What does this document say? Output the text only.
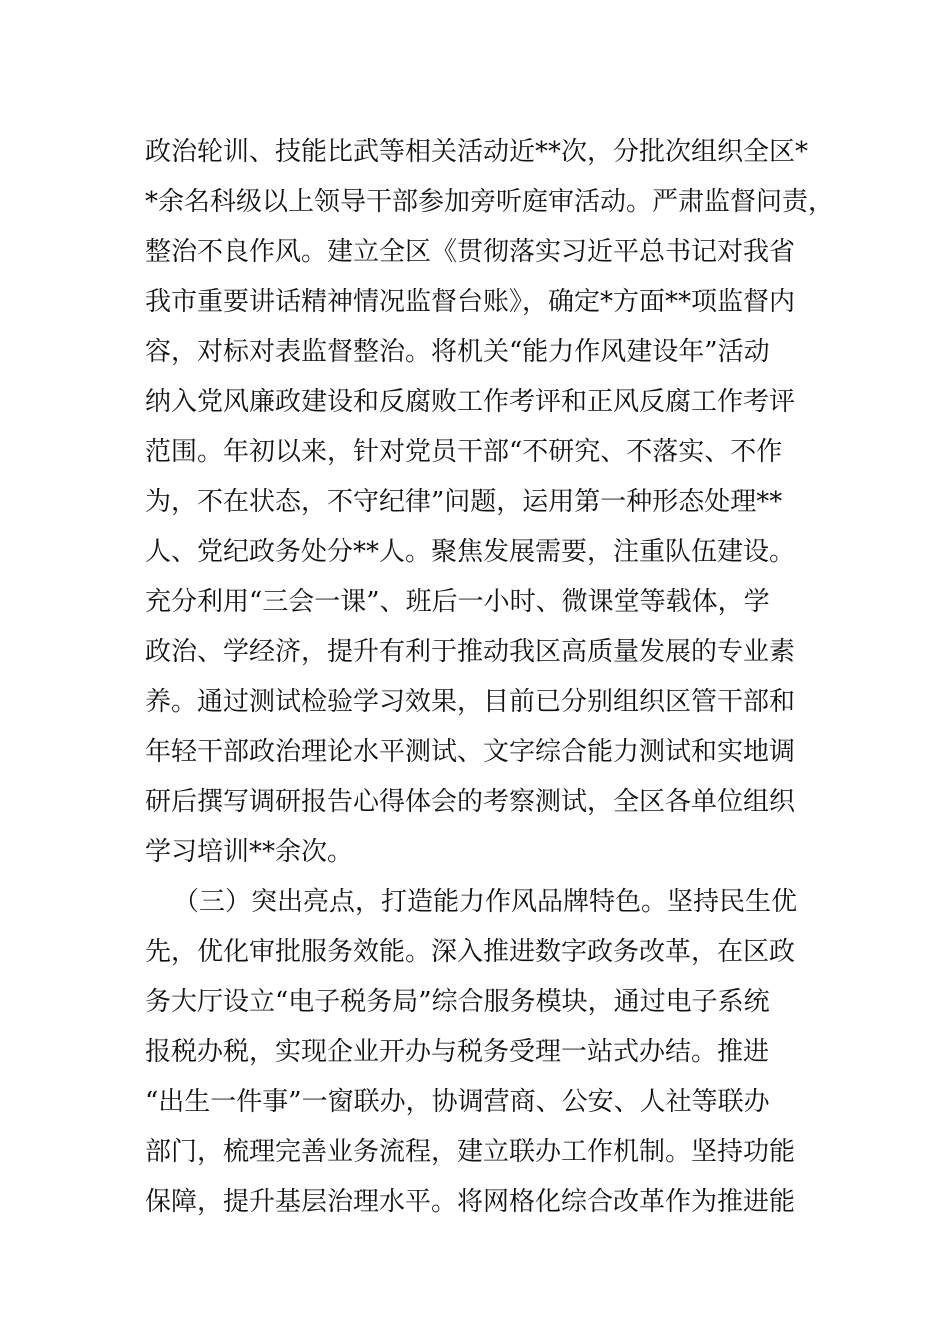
政治轮训、技能比武等相关活动近**次，分批次组织全区*
*余名科级以上领导干部参加旁听庭审活动。严肃监督问责，
整治不良作风。建立全区《贯彻落实习近平总书记对我省
我市重要讲话精神情况监督台账》，确定*方面**项监督内
容，对标对表监督整治。将机关“能力作风建设年”活动
纳入党风廉政建设和反腐败工作考评和正风反腐工作考评
范围。年初以来，针对党员干部“不研究、不落实、不作
为，不在状态，不守纪律”问题，运用第一种形态处理**
人、党纪政务处分**人。聚焦发展需要，注重队伍建设。
充分利用“三会一课”、班后一小时、微课堂等载体，学
政治、学经济，提升有利于推动我区高质量发展的专业素
养。通过测试检验学习效果，目前已分别组织区管干部和
年轻干部政治理论水平测试、文字综合能力测试和实地调
研后撰写调研报告心得体会的考察测试，全区各单位组织
学习培训**余次。
（三）突出亮点，打造能力作风品牌特色。坚持民生优
先，优化审批服务效能。深入推进数字政务改革，在区政
务大厅设立“电子税务局”综合服务模块，通过电子系统
报税办税，实现企业开办与税务受理一站式办结。推进
“出生一件事”一窗联办，协调营商、公安、人社等联办
部门，梳理完善业务流程，建立联办工作机制。坚持功能
保障，提升基层治理水平。将网格化综合改革作为推进能
